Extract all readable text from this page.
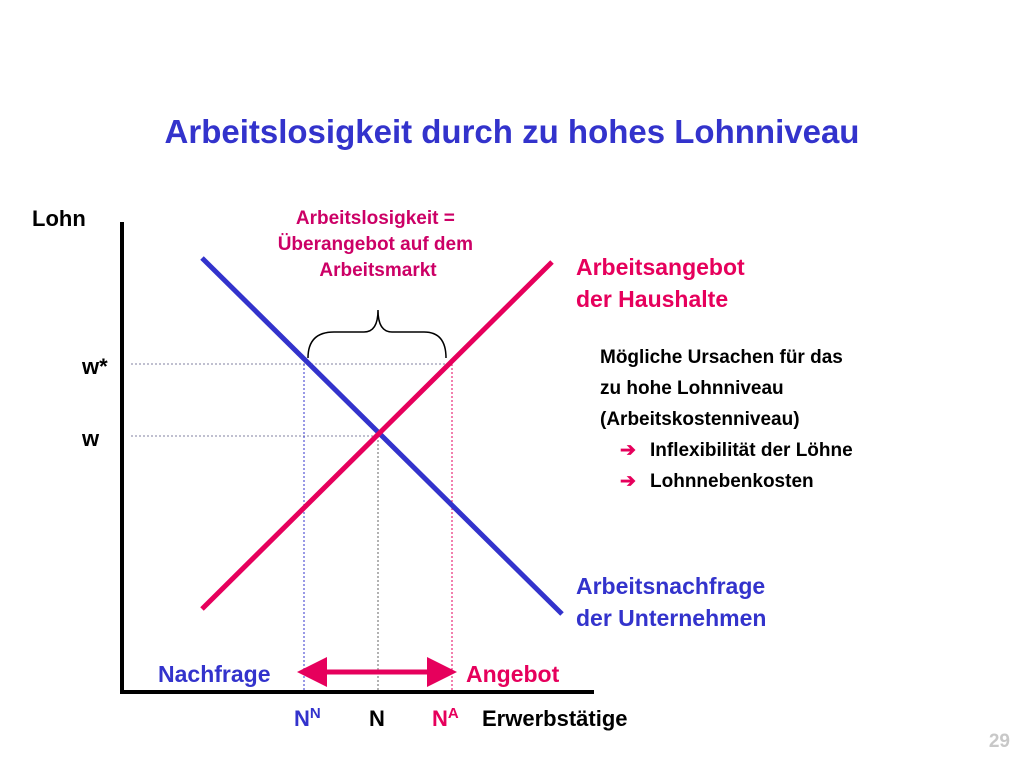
Arbeitslosigkeit durch zu hohes Lohnniveau
Lohn
Erwerbstätige
w*
w
$N^N$ N $N^A$
Nachfrage	Angebot
Arbeitsangebot der Haushalte
Arbeitsnachfrage der Unternehmen
Arbeitslosigkeit = Überangebot auf dem Arbeitsmarkt
Mögliche Ursachen für das
zu hohe Lohnniveau
(Arbeitskostenniveau)
➔ Inflexibilität der Löhne
➔ Lohnnebenkosten
29
